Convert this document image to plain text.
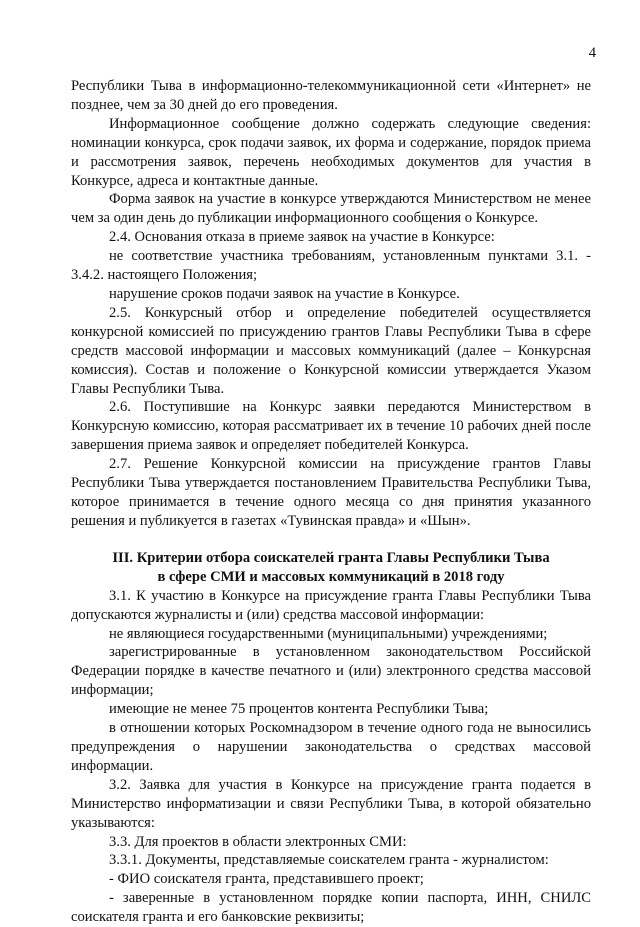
4

Республики Тыва в информационно-телекоммуникационной сети «Интернет» не позднее, чем за 30 дней до его проведения.

Информационное сообщение должно содержать следующие сведения: номинации конкурса, срок подачи заявок, их форма и содержание, порядок приема и рассмотрения заявок, перечень необходимых документов для участия в Конкурсе, адреса и контактные данные.

Форма заявок на участие в конкурсе утверждаются Министерством не менее чем за один день до публикации информационного сообщения о Конкурсе.

2.4. Основания отказа в приеме заявок на участие в Конкурсе:

не соответствие участника требованиям, установленным пунктами 3.1. - 3.4.2. настоящего Положения;

нарушение сроков подачи заявок на участие в Конкурсе.

2.5. Конкурсный отбор и определение победителей осуществляется конкурсной комиссией по присуждению грантов Главы Республики Тыва в сфере средств массовой информации и массовых коммуникаций (далее – Конкурсная комиссия). Состав и положение о Конкурсной комиссии утверждается Указом Главы Республики Тыва.

2.6. Поступившие на Конкурс заявки передаются Министерством в Конкурсную комиссию, которая рассматривает их в течение 10 рабочих дней после завершения приема заявок и определяет победителей Конкурса.

2.7. Решение Конкурсной комиссии на присуждение грантов Главы Республики Тыва утверждается постановлением Правительства Республики Тыва, которое принимается в течение одного месяца со дня принятия указанного решения и публикуется в газетах «Тувинская правда» и «Шын».

III. Критерии отбора соискателей гранта Главы Республики Тыва

в сфере СМИ и массовых коммуникаций в 2018 году

3.1. К участию в Конкурсе на присуждение гранта Главы Республики Тыва допускаются журналисты и (или) средства массовой информации:

не являющиеся государственными (муниципальными) учреждениями;

зарегистрированные в установленном законодательством Российской Федерации порядке в качестве печатного и (или) электронного средства массовой информации;

имеющие не менее 75 процентов контента Республики Тыва;

в отношении которых Роскомнадзором в течение одного года не выносились предупреждения о нарушении законодательства о средствах массовой информации.

3.2. Заявка для участия в Конкурсе на присуждение гранта подается в Министерство информатизации и связи Республики Тыва, в которой обязательно указываются:

3.3. Для проектов в области электронных СМИ:

3.3.1. Документы, представляемые соискателем гранта - журналистом:

- ФИО соискателя гранта, представившего проект;

- заверенные в установленном порядке копии паспорта, ИНН, СНИЛС соискателя гранта и его банковские реквизиты;
